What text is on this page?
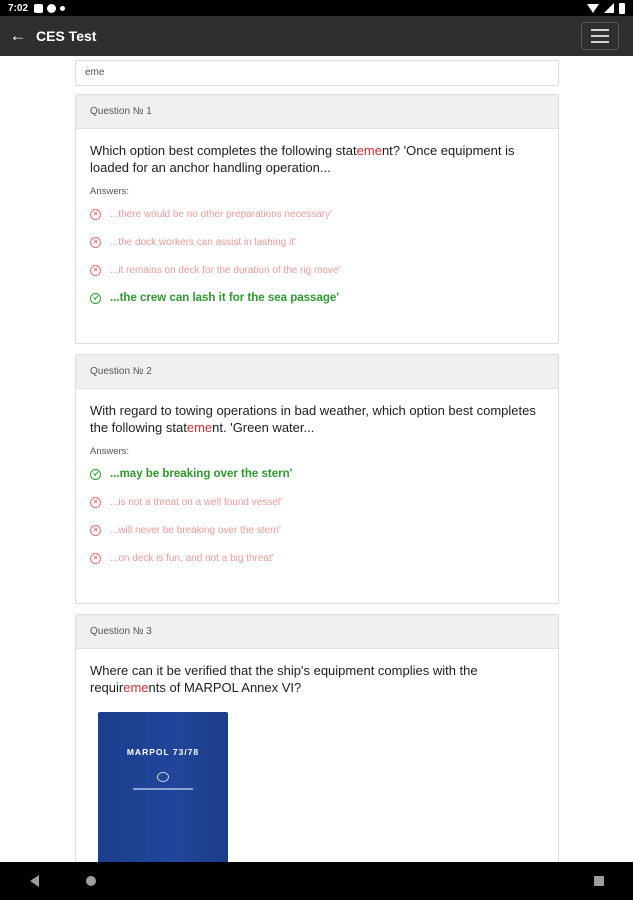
7:02
← CES Test
eme
Question № 1
Which option best completes the following statement? 'Once equipment is loaded for an anchor handling operation...
Answers:
...there would be no other preparations necessary'
...the dock workers can assist in lashing it'
...it remains on deck for the duration of the rig move'
...the crew can lash it for the sea passage'
Question № 2
With regard to towing operations in bad weather, which option best completes the following statement. 'Green water...
Answers:
...may be breaking over the stern'
...is not a threat on a well found vessel'
...will never be breaking over the stern'
...on deck is fun, and not a big threat'
Question № 3
Where can it be verified that the ship's equipment complies with the requirements of MARPOL Annex VI?
MARPOL 73/78
